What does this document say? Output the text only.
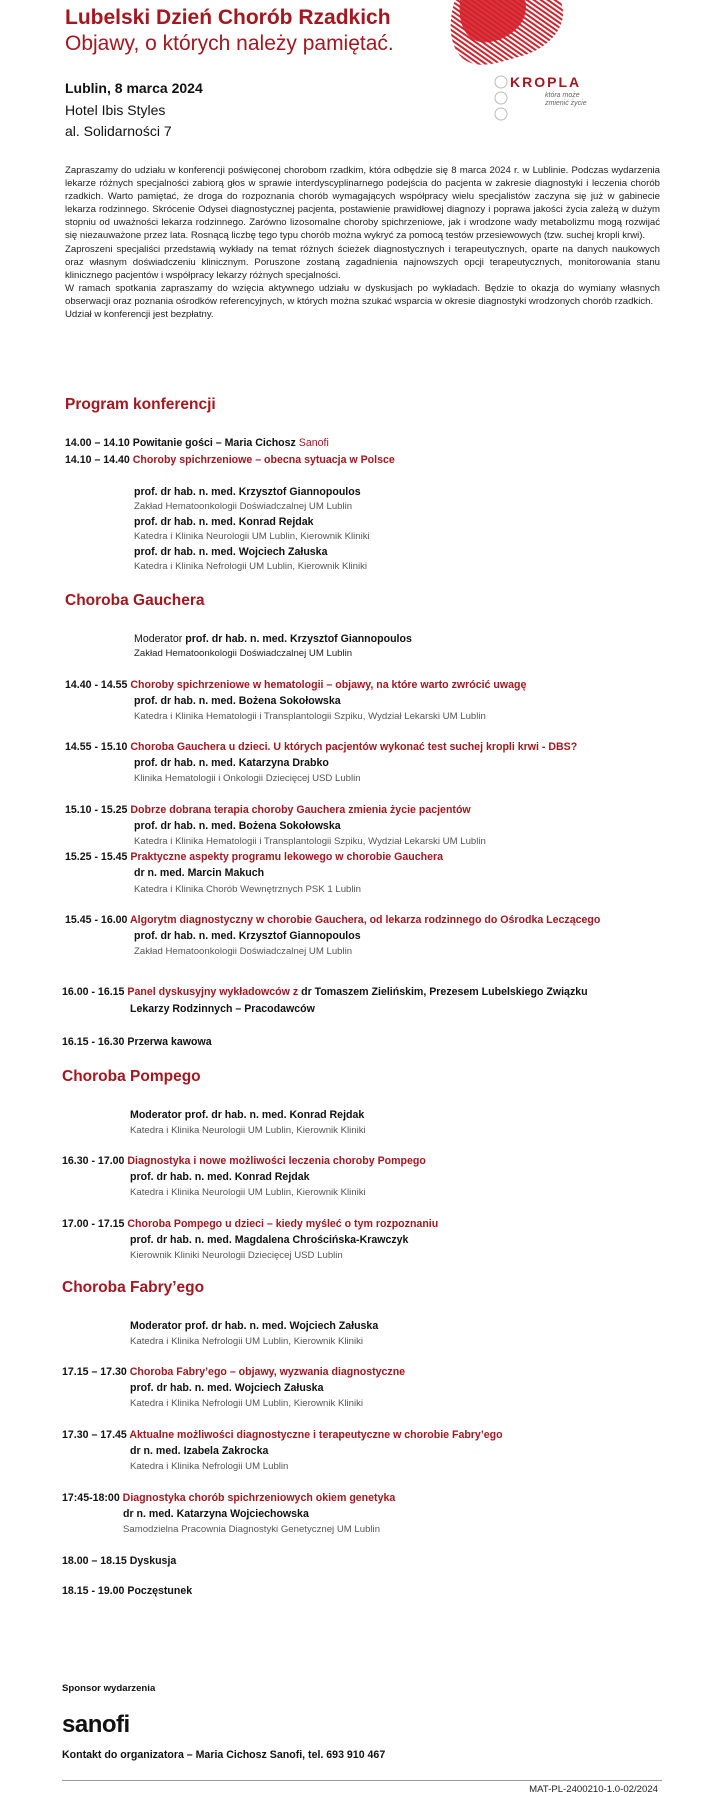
Lubelski Dzień Chorób Rzadkich
Objawy, o których należy pamiętać.
Lublin, 8 marca 2024
Hotel Ibis Styles
al. Solidarności 7
KROPLA
która może
zmienić życie

Zapraszamy do udziału w konferencji poświęconej chorobom rzadkim, która odbędzie się 8 marca 2024 r. w Lublinie. Podczas wydarzenia lekarze różnych specjalności zabiorą głos w sprawie interdyscyplinarnego podejścia do pacjenta w zakresie diagnostyki i leczenia chorób rzadkich. Warto pamiętać, że droga do rozpoznania chorób wymagających współpracy wielu specjalistów zaczyna się już w gabinecie lekarza rodzinnego. Skrócenie Odysei diagnostycznej pacjenta, postawienie prawidłowej diagnozy i poprawa jakości życia zależą w dużym stopniu od uważności lekarza rodzinnego. Zarówno lizosomalne choroby spichrzeniowe, jak i wrodzone wady metabolizmu mogą rozwijać się niezauważone przez lata. Rosnącą liczbę tego typu chorób można wykryć za pomocą testów przesiewowych (tzw. suchej kropli krwi).

Zaproszeni specjaliści przedstawią wykłady na temat różnych ścieżek diagnostycznych i terapeutycznych, oparte na danych naukowych oraz własnym doświadczeniu klinicznym. Poruszone zostaną zagadnienia najnowszych opcji terapeutycznych, monitorowania stanu klinicznego pacjentów i współpracy lekarzy różnych specjalności.

W ramach spotkania zapraszamy do wzięcia aktywnego udziału w dyskusjach po wykładach. Będzie to okazja do wymiany własnych obserwacji oraz poznania ośrodków referencyjnych, w których można szukać wsparcia w okresie diagnostyki wrodzonych chorób rzadkich.

Udział w konferencji jest bezpłatny.

Program konferencji
14.00 – 14.10 Powitanie gości – Maria Cichosz Sanofi
14.10 – 14.40 Choroby spichrzeniowe – obecna sytuacja w Polsce
prof. dr hab. n. med. Krzysztof Giannopoulos
Zakład Hematoonkologii Doświadczalnej UM Lublin
prof. dr hab. n. med. Konrad Rejdak
Katedra i Klinika Neurologii UM Lublin, Kierownik Kliniki
prof. dr hab. n. med. Wojciech Załuska
Katedra i Klinika Nefrologii UM Lublin, Kierownik Kliniki
Choroba Gauchera
Moderator prof. dr hab. n. med. Krzysztof Giannopoulos
Zakład Hematoonkologii Doświadczalnej UM Lublin
14.40 - 14.55 Choroby spichrzeniowe w hematologii – objawy, na które warto zwrócić uwagę
prof. dr hab. n. med. Bożena Sokołowska
Katedra i Klinika Hematologii i Transplantologii Szpiku, Wydział Lekarski UM Lublin
14.55 - 15.10 Choroba Gauchera u dzieci. U których pacjentów wykonać test suchej kropli krwi - DBS?
prof. dr hab. n. med. Katarzyna Drabko
Klinika Hematologii i Onkologii Dziecięcej USD Lublin
15.10 - 15.25 Dobrze dobrana terapia choroby Gauchera zmienia życie pacjentów
prof. dr hab. n. med. Bożena Sokołowska
Katedra i Klinika Hematologii i Transplantologii Szpiku, Wydział Lekarski UM Lublin
15.25 - 15.45 Praktyczne aspekty programu lekowego w chorobie Gauchera
dr n. med. Marcin Makuch
Katedra i Klinika Chorób Wewnętrznych PSK 1 Lublin
15.45 - 16.00 Algorytm diagnostyczny w chorobie Gauchera, od lekarza rodzinnego do Ośrodka Leczącego
prof. dr hab. n. med. Krzysztof Giannopoulos
Zakład Hematoonkologii Doświadczalnej UM Lublin
16.00 - 16.15 Panel dyskusyjny wykładowców z dr Tomaszem Zielińskim, Prezesem Lubelskiego Związku
Lekarzy Rodzinnych – Pracodawców
16.15 - 16.30 Przerwa kawowa
Choroba Pompego
Moderator prof. dr hab. n. med. Konrad Rejdak
Katedra i Klinika Neurologii UM Lublin, Kierownik Kliniki
16.30 - 17.00 Diagnostyka i nowe możliwości leczenia choroby Pompego
prof. dr hab. n. med. Konrad Rejdak
Katedra i Klinika Neurologii UM Lublin, Kierownik Kliniki
17.00 - 17.15 Choroba Pompego u dzieci – kiedy myśleć o tym rozpoznaniu
prof. dr hab. n. med. Magdalena Chrościńska-Krawczyk
Kierownik Kliniki Neurologii Dziecięcej USD Lublin
Choroba Fabry’ego
Moderator prof. dr hab. n. med. Wojciech Załuska
Katedra i Klinika Nefrologii UM Lublin, Kierownik Kliniki
17.15 – 17.30 Choroba Fabry’ego – objawy, wyzwania diagnostyczne
prof. dr hab. n. med. Wojciech Załuska
Katedra i Klinika Nefrologii UM Lublin, Kierownik Kliniki
17.30 – 17.45 Aktualne możliwości diagnostyczne i terapeutyczne w chorobie Fabry’ego
dr n. med. Izabela Zakrocka
Katedra i Klinika Nefrologii UM Lublin
17:45-18:00 Diagnostyka chorób spichrzeniowych okiem genetyka
dr n. med. Katarzyna Wojciechowska
Samodzielna Pracownia Diagnostyki Genetycznej UM Lublin
18.00 – 18.15 Dyskusja
18.15 - 19.00 Poczęstunek
Sponsor wydarzenia
sanofi
Kontakt do organizatora – Maria Cichosz Sanofi, tel. 693 910 467
MAT-PL-2400210-1.0-02/2024
